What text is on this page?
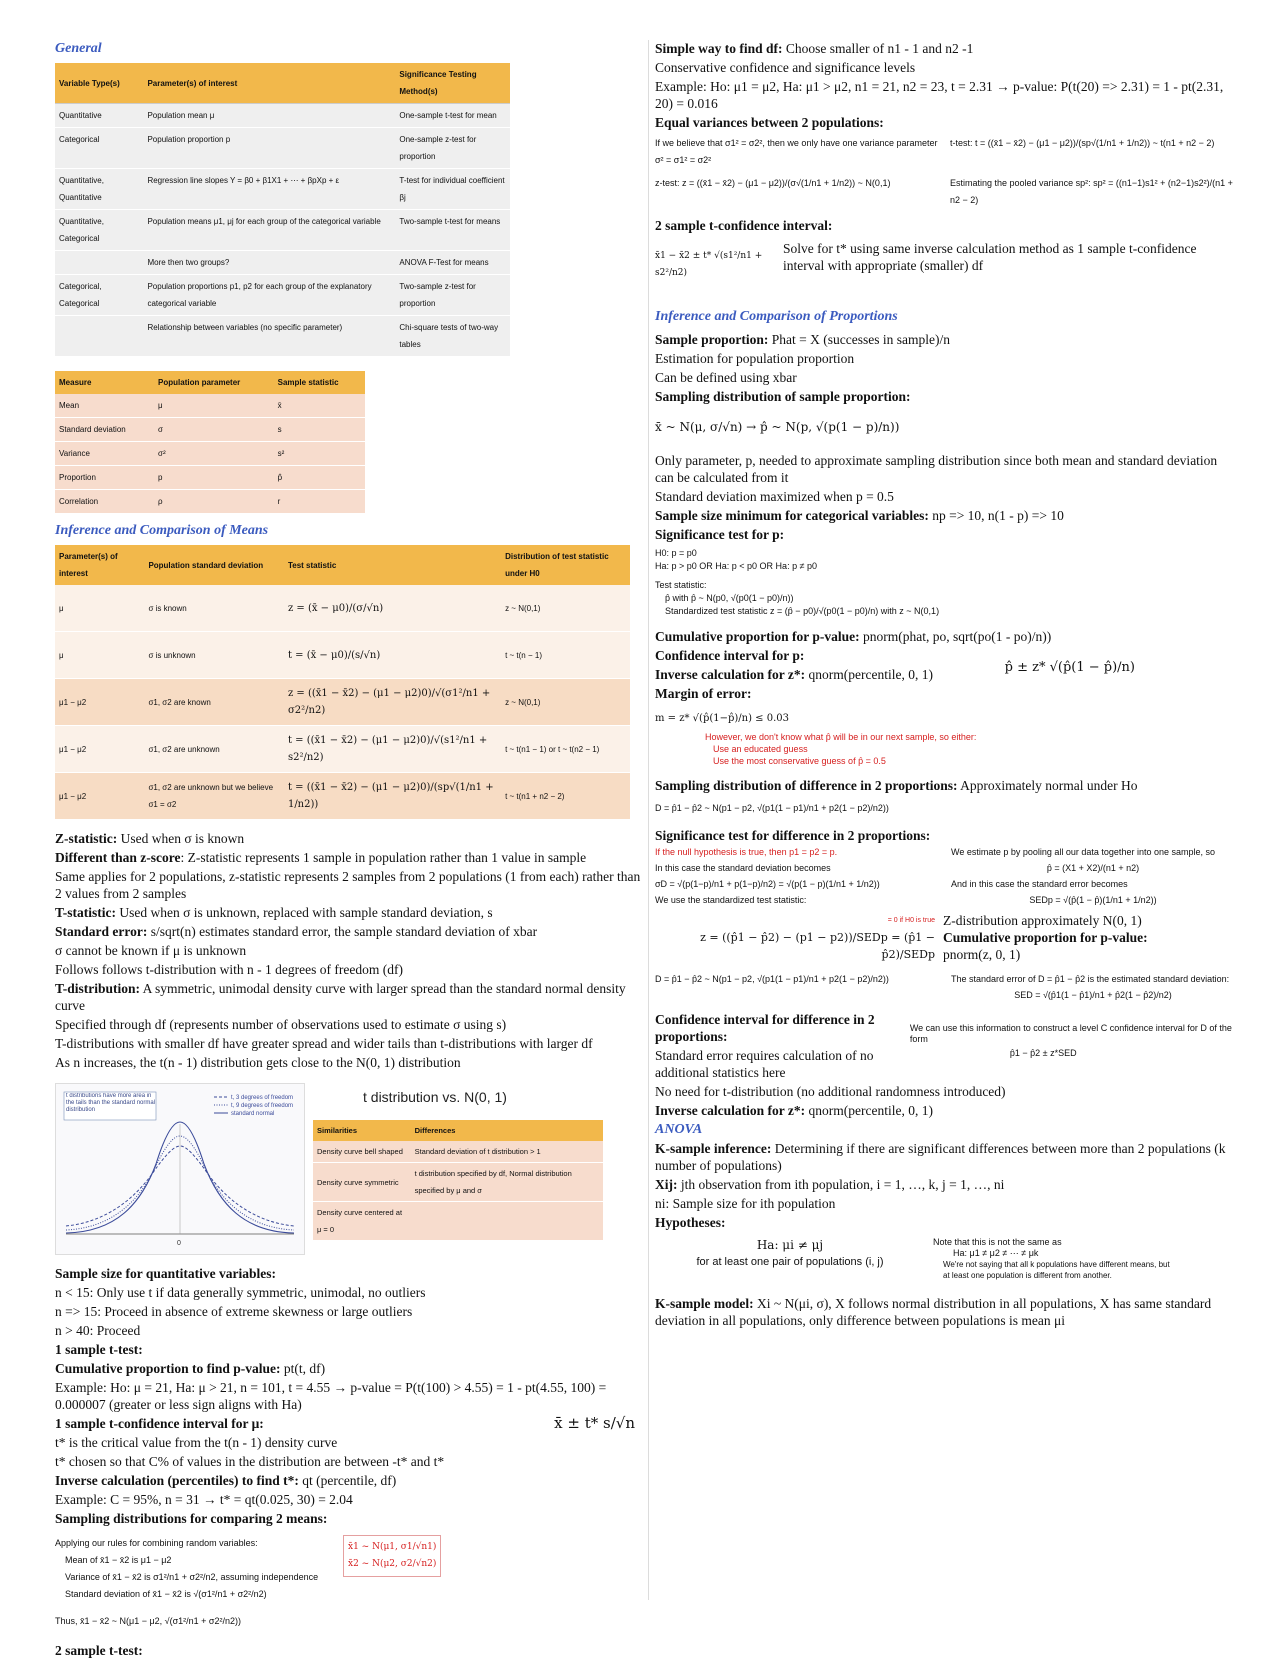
General
Variable Type(s)	Parameter(s) of interest	Significance Testing Method(s)
Quantitative	Population mean μ	One-sample t-test for mean
Categorical	Population proportion p	One-sample z-test for proportion
Quantitative, Quantitative	Regression line slopes Y = β0 + β1X1 + ⋯ + βpXp + ε	T-test for individual coefficient βj
Quantitative, Categorical	Population means μ1, μj for each group of the categorical variable	Two-sample t-test for means
	More then two groups?	ANOVA F-Test for means
Categorical, Categorical	Population proportions p1, p2 for each group of the explanatory categorical variable	Two-sample z-test for proportion
	Relationship between variables (no specific parameter)	Chi-square tests of two-way tables
Measure	Population parameter	Sample statistic
Mean	μ	x̄
Standard deviation	σ	s
Variance	σ²	s²
Proportion	p	p̂
Correlation	ρ	r
Inference and Comparison of Means
Parameter(s) of interest	Population standard deviation	Test statistic	Distribution of test statistic under H0
μ	σ is known	z = (x̄ − μ0)/(σ/√n)	z ~ N(0,1)
μ	σ is unknown	t = (x̄ − μ0)/(s/√n)	t ~ t(n − 1)
μ1 − μ2	σ1, σ2 are known	z = ((x̄1 − x̄2) − (μ1 − μ2)0)/√(σ1²/n1 + σ2²/n2)	z ~ N(0,1)
μ1 − μ2	σ1, σ2 are unknown	t = ((x̄1 − x̄2) − (μ1 − μ2)0)/√(s1²/n1 + s2²/n2)	t ~ t(n1 − 1) or t ~ t(n2 − 1)
μ1 − μ2	σ1, σ2 are unknown but we believe σ1 = σ2	t = ((x̄1 − x̄2) − (μ1 − μ2)0)/(sp√(1/n1 + 1/n2))	t ~ t(n1 + n2 − 2)

Z-statistic: Used when σ is known

Different than z-score: Z-statistic represents 1 sample in population rather than 1 value in sample

Same applies for 2 populations, z-statistic represents 2 samples from 2 populations (1 from each) rather than 2 values from 2 samples

T-statistic: Used when σ is unknown, replaced with sample standard deviation, s

Standard error: s/sqrt(n) estimates standard error, the sample standard deviation of xbar

σ cannot be known if μ is unknown

Follows follows t-distribution with n - 1 degrees of freedom (df)

T-distribution: A symmetric, unimodal density curve with larger spread than the standard normal density curve

Specified through df (represents number of observations used to estimate σ using s)

T-distributions with smaller df have greater spread and wider tails than t-distributions with larger df

As n increases, the t(n - 1) distribution gets close to the N(0, 1) distribution

t distributions have more area in the tails than the standard normal distribution
t, 3 degrees of freedom
t, 9 degrees of freedom
standard normal
0
t distribution vs. N(0, 1)
Similarities	Differences
Density curve bell shaped	Standard deviation of t distribution > 1
Density curve symmetric	t distribution specified by df, Normal distribution specified by μ and σ
Density curve centered at μ = 0	

Sample size for quantitative variables:

n < 15: Only use t if data generally symmetric, unimodal, no outliers

n => 15: Proceed in absence of extreme skewness or large outliers

n > 40: Proceed

1 sample t-test:

Cumulative proportion to find p-value: pt(t, df)

Example: Ho: μ = 21, Ha: μ > 21, n = 101, t = 4.55 → p-value = P(t(100) > 4.55) = 1 - pt(4.55, 100) = 0.000007 (greater or less sign aligns with Ha)

1 sample t-confidence interval for μ:	x̄ ± t* s/√n

t* is the critical value from the t(n - 1) density curve

t* chosen so that C% of values in the distribution are between -t* and t*

Inverse calculation (percentiles) to find t*: qt (percentile, df)

Example: C = 95%, n = 31 → t* = qt(0.025, 30) = 2.04

Sampling distributions for comparing 2 means:

Applying our rules for combining random variables:
Mean of x̄1 − x̄2 is μ1 − μ2
Variance of x̄1 − x̄2 is σ1²/n1 + σ2²/n2, assuming independence
Standard deviation of x̄1 − x̄2 is √(σ1²/n1 + σ2²/n2)
x̄1 ~ N(μ1, σ1/√n1)
x̄2 ~ N(μ2, σ2/√n2)
Thus, x̄1 − x̄2 ~ N(μ1 − μ2, √(σ1²/n1 + σ2²/n2))

2 sample t-test:

Simple way to find df: Choose smaller of n1 - 1 and n2 -1

Conservative confidence and significance levels

Example: Ho: μ1 = μ2, Ha: μ1 > μ2, n1 = 21, n2 = 23, t = 2.31 → p-value: P(t(20) => 2.31) = 1 - pt(2.31, 20) = 0.016

Equal variances between 2 populations:

If we believe that σ1² = σ2², then we only have one variance parameter σ² = σ1² = σ2²
t-test: t = ((x̄1 − x̄2) − (μ1 − μ2))/(sp√(1/n1 + 1/n2)) ~ t(n1 + n2 − 2)
z-test: z = ((x̄1 − x̄2) − (μ1 − μ2))/(σ√(1/n1 + 1/n2)) ~ N(0,1)	Estimating the pooled variance sp²: sp² = ((n1−1)s1² + (n2−1)s2²)/(n1 + n2 − 2)

2 sample t-confidence interval:

x̄1 − x̄2 ± t* √(s1²/n1 + s2²/n2)
Solve for t* using same inverse calculation method as 1 sample t-confidence interval with appropriate (smaller) df
Inference and Comparison of Proportions

Sample proportion: Phat = X (successes in sample)/n

Estimation for population proportion

Can be defined using xbar

Sampling distribution of sample proportion:

x̄ ~ N(μ, σ/√n) → p̂ ~ N(p, √(p(1 − p)/n))

Only parameter, p, needed to approximate sampling distribution since both mean and standard deviation can be calculated from it

Standard deviation maximized when p = 0.5

Sample size minimum for categorical variables: np => 10, n(1 - p) => 10

Significance test for p:

H0: p = p0
Ha: p > p0 OR Ha: p < p0 OR Ha: p ≠ p0
Test statistic:
p̂ with p̂ ~ N(p0, √(p0(1 − p0)/n))
Standardized test statistic z = (p̂ − p0)/√(p0(1 − p0)/n) with z ~ N(0,1)

Cumulative proportion for p-value: pnorm(phat, po, sqrt(po(1 - po)/n))

Confidence interval for p:

Inverse calculation for z*: qnorm(percentile, 0, 1)

Margin of error:

p̂ ± z* √(p̂(1 − p̂)/n)
m = z* √(p̂(1−p̂)/n) ≤ 0.03
However, we don't know what p̂ will be in our next sample, so either:
Use an educated guess
Use the most conservative guess of p̂ = 0.5

Sampling distribution of difference in 2 proportions: Approximately normal under Ho

D = p̂1 − p̂2 ~ N(p1 − p2, √(p1(1 − p1)/n1 + p2(1 − p2)/n2))

Significance test for difference in 2 proportions:

If the null hypothesis is true, then p1 = p2 = p.	We estimate p by pooling all our data together into one sample, so
In this case the standard deviation becomes	p̂ = (X1 + X2)/(n1 + n2)
σD = √(p(1−p)/n1 + p(1−p)/n2) = √(p(1 − p)(1/n1 + 1/n2))	And in this case the standard error becomes
We use the standardized test statistic:	SEDp = √(p̂(1 − p̂)(1/n1 + 1/n2))
= 0 if H0 is true
z = ((p̂1 − p̂2) − (p1 − p2))/SEDp = (p̂1 − p̂2)/SEDp
Z-distribution approximately N(0, 1)
Cumulative proportion for p-value:
pnorm(z, 0, 1)
D = p̂1 − p̂2 ~ N(p1 − p2, √(p1(1 − p1)/n1 + p2(1 − p2)/n2))	The standard error of D = p̂1 − p̂2 is the estimated standard deviation:
SED = √(p̂1(1 − p̂1)/n1 + p̂2(1 − p̂2)/n2)

Confidence interval for difference in 2 proportions:

Standard error requires calculation of no additional statistics here

We can use this information to construct a level C confidence interval for D of the form
p̂1 − p̂2 ± z*SED

No need for t-distribution (no additional randomness introduced)

Inverse calculation for z*: qnorm(percentile, 0, 1)

ANOVA

K-sample inference: Determining if there are significant differences between more than 2 populations (k number of populations)

Xij: jth observation from ith population, i = 1, …, k, j = 1, …, ni

ni: Sample size for ith population

Hypotheses:

Ha: μi ≠ μj
for at least one pair of populations (i, j)
Note that this is not the same as
Ha: μ1 ≠ μ2 ≠ ⋯ ≠ μk
We're not saying that all k populations have different means, but at least one population is different from another.

K-sample model: Xi ~ N(μi, σ), X follows normal distribution in all populations, X has same standard deviation in all populations, only difference between populations is mean μi
